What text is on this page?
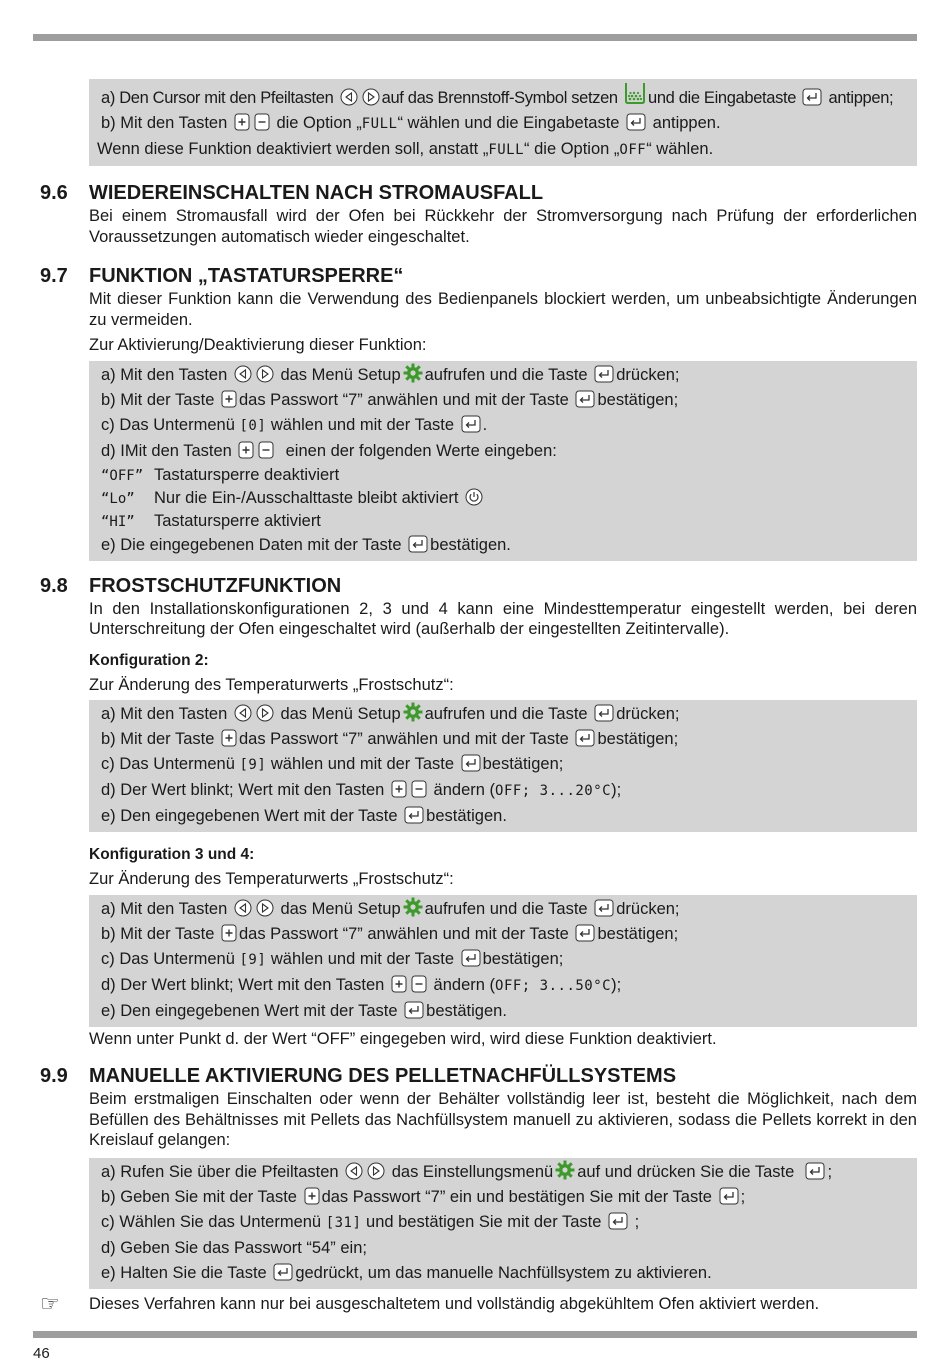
a) Den Cursor mit den Pfeiltasten	auf das Brennstoff-Symbol setzen und die Eingabetaste antippen;
b) Mit den Tasten	die Option „FULL“ wählen und die Eingabetaste antippen.
Wenn diese Funktion deaktiviert werden soll, anstatt „FULL“ die Option „OFF“ wählen.
9.6	WIEDEREINSCHALTEN NACH STROMAUSFALL
Bei einem Stromausfall wird der Ofen bei Rückkehr der Stromversorgung nach Prüfung der erforderlichen Voraussetzungen automatisch wieder eingeschaltet.
9.7	FUNKTION „TASTATURSPERRE“
Mit dieser Funktion kann die Verwendung des Bedienpanels blockiert werden, um unbeabsichtigte Änderungen zu vermeiden.
Zur Aktivierung/Deaktivierung dieser Funktion:
a) Mit den Tasten	das Menü Setup aufrufen und die Taste drücken;
b) Mit der Taste das Passwort “7” anwählen und mit der Taste bestätigen;
c) Das Untermenü [0] wählen und mit der Taste .
d) IMit den Tasten	einen der folgenden Werte eingeben:
“OFF” Tastatursperre deaktiviert
“Lo” Nur die Ein-/Ausschalttaste bleibt aktiviert
“HI” Tastatursperre aktiviert
e) Die eingegebenen Daten mit der Taste bestätigen.
9.8	FROSTSCHUTZFUNKTION
In den Installationskonfigurationen 2, 3 und 4 kann eine Mindesttemperatur eingestellt werden, bei deren Unterschreitung der Ofen eingeschaltet wird (außerhalb der eingestellten Zeitintervalle).
Konfiguration 2:
Zur Änderung des Temperaturwerts „Frostschutz“:
a) Mit den Tasten	das Menü Setup aufrufen und die Taste drücken;
b) Mit der Taste das Passwort “7” anwählen und mit der Taste bestätigen;
c) Das Untermenü [9] wählen und mit der Taste bestätigen;
d) Der Wert blinkt; Wert mit den Tasten	ändern (OFF; 3...20°C);
e) Den eingegebenen Wert mit der Taste bestätigen.
Konfiguration 3 und 4:
Zur Änderung des Temperaturwerts „Frostschutz“:
a) Mit den Tasten	das Menü Setup aufrufen und die Taste drücken;
b) Mit der Taste das Passwort “7” anwählen und mit der Taste bestätigen;
c) Das Untermenü [9] wählen und mit der Taste bestätigen;
d) Der Wert blinkt; Wert mit den Tasten	ändern (OFF; 3...50°C);
e) Den eingegebenen Wert mit der Taste bestätigen.
Wenn unter Punkt d. der Wert “OFF” eingegeben wird, wird diese Funktion deaktiviert.
9.9	MANUELLE AKTIVIERUNG DES PELLETNACHFÜLLSYSTEMS
Beim erstmaligen Einschalten oder wenn der Behälter vollständig leer ist, besteht die Möglichkeit, nach dem Befüllen des Behältnisses mit Pellets das Nachfüllsystem manuell zu aktivieren, sodass die Pellets korrekt in den Kreislauf gelangen:
a) Rufen Sie über die Pfeiltasten	das Einstellungsmenü auf und drücken Sie die Taste ;
b) Geben Sie mit der Taste das Passwort “7” ein und bestätigen Sie mit der Taste ;
c) Wählen Sie das Untermenü [31] und bestätigen Sie mit der Taste ;
d) Geben Sie das Passwort “54” ein;
e) Halten Sie die Taste gedrückt, um das manuelle Nachfüllsystem zu aktivieren.
☞	Dieses Verfahren kann nur bei ausgeschaltetem und vollständig abgekühltem Ofen aktiviert werden.
46
